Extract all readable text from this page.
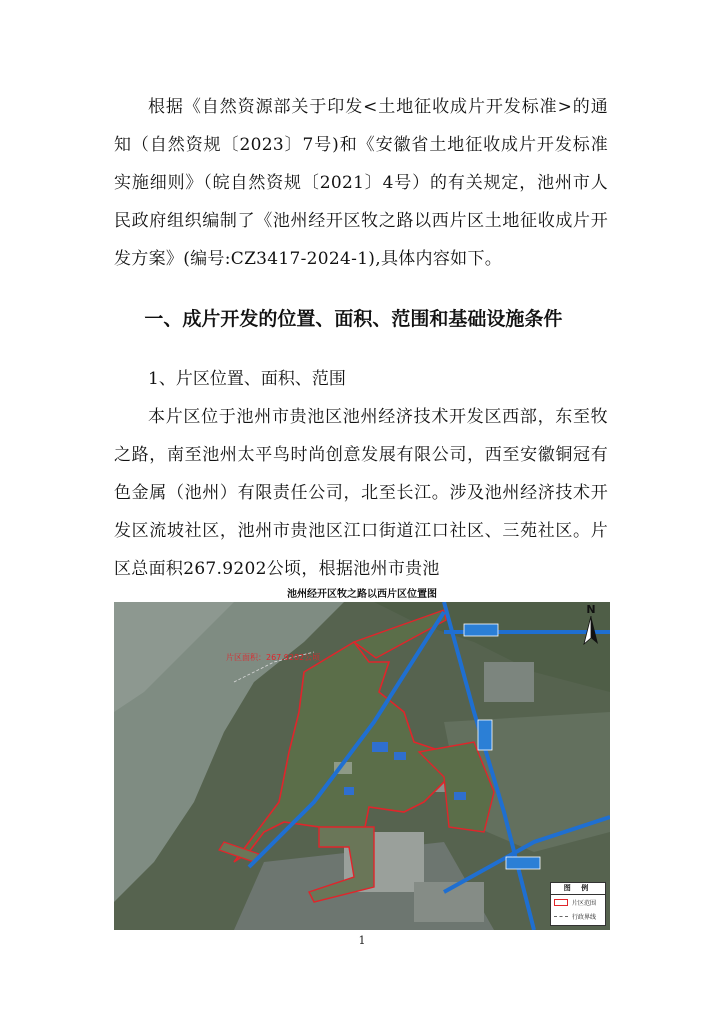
根据《自然资源部关于印发<土地征收成片开发标准>的通知（自然资规〔2023〕7号)和《安徽省土地征收成片开发标准实施细则》（皖自然资规〔2021〕4号）的有关规定，池州市人民政府组织编制了《池州经开区牧之路以西片区土地征收成片开发方案》(编号:CZ3417-2024-1),具体内容如下。

一、成片开发的位置、面积、范围和基础设施条件

1、片区位置、面积、范围

本片区位于池州市贵池区池州经济技术开发区西部，东至牧之路，南至池州太平鸟时尚创意发展有限公司，西至安徽铜冠有色金属（池州）有限责任公司，北至长江。涉及池州经济技术开发区流坡社区，池州市贵池区江口街道江口社区、三苑社区。片区总面积267.9202公顷，根据池州市贵池

池州经开区牧之路以西片区位置图
片区面积：267.9202公顷
N
图 例
片区范围
行政界线
1
